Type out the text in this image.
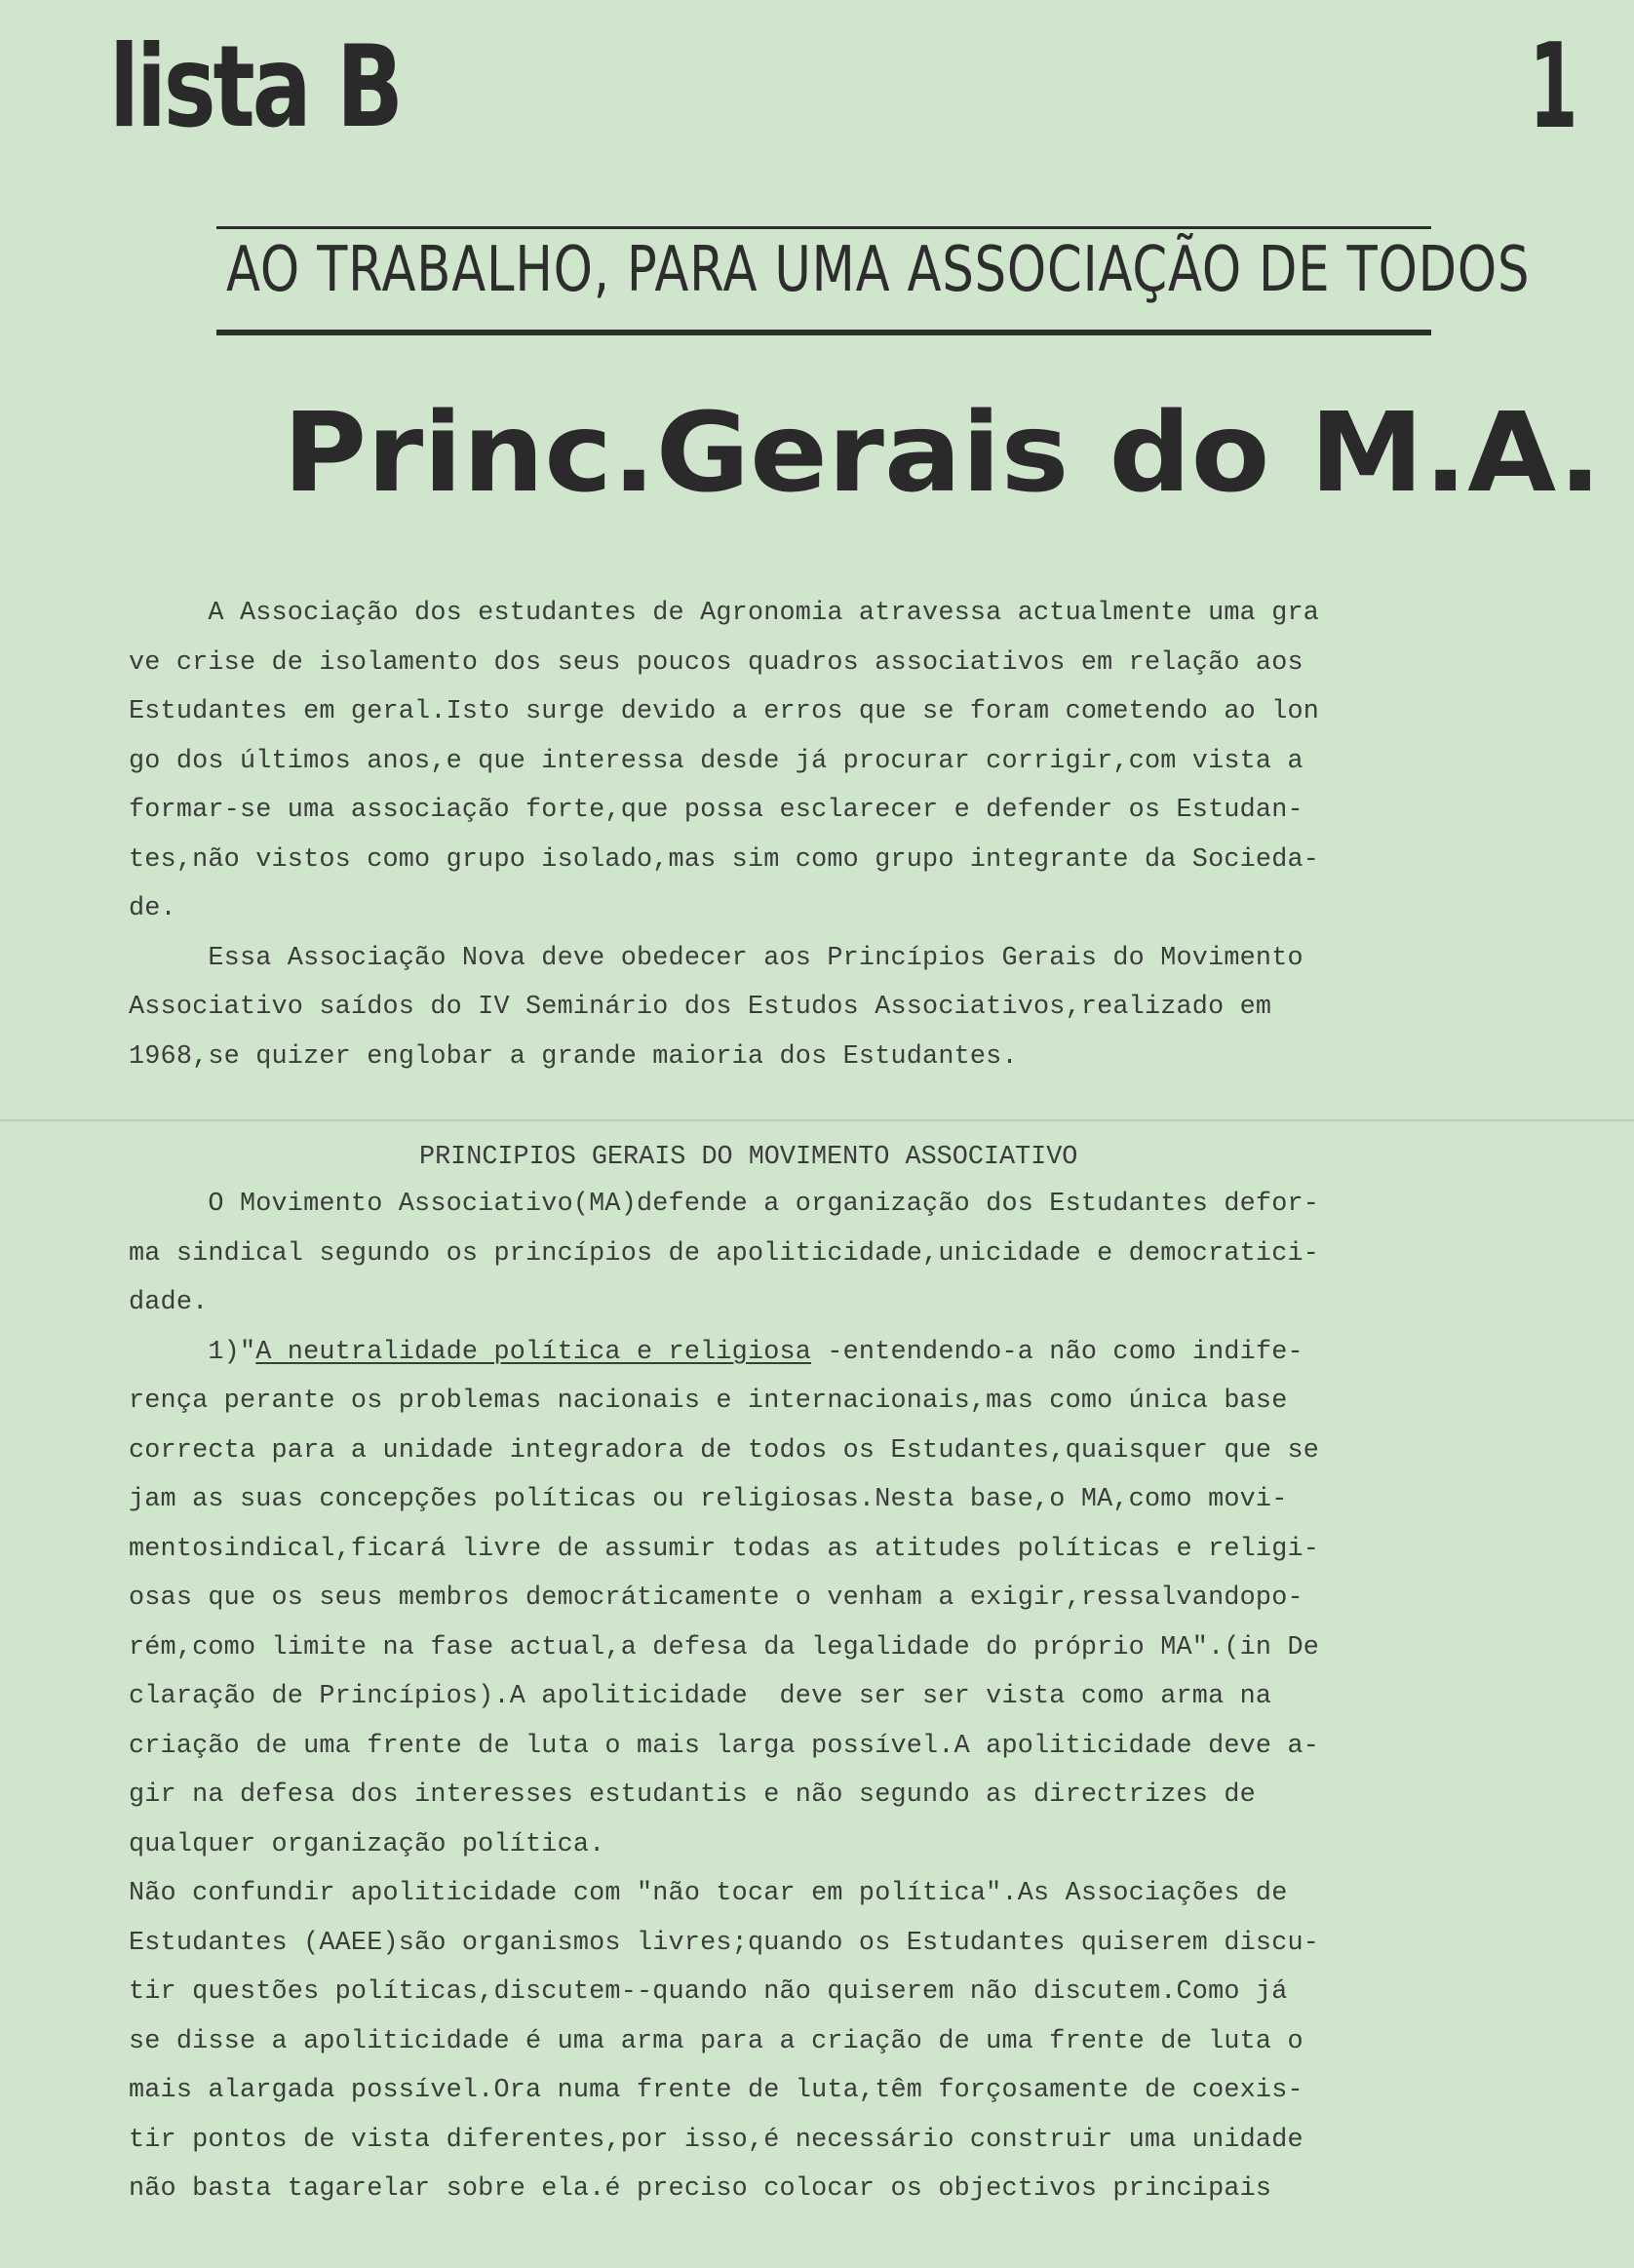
lista B	1
AO TRABALHO, PARA UMA ASSOCIAÇÃO DE TODOS
Princ.Gerais do M.A.
A Associação dos estudantes de Agronomia atravessa actualmente uma gra
ve crise de isolamento dos seus poucos quadros associativos em relação aos
Estudantes em geral.Isto surge devido a erros que se foram cometendo ao lon
go dos últimos anos,e que interessa desde já procurar corrigir,com vista a
formar-se uma associação forte,que possa esclarecer e defender os Estudan-
tes,não vistos como grupo isolado,mas sim como grupo integrante da Socieda-
de.
Essa Associação Nova deve obedecer aos Princípios Gerais do Movimento
Associativo saídos do IV Seminário dos Estudos Associativos,realizado em
1968,se quizer englobar a grande maioria dos Estudantes.
PRINCIPIOS GERAIS DO MOVIMENTO ASSOCIATIVO
O Movimento Associativo(MA)defende a organização dos Estudantes defor-
ma sindical segundo os princípios de apoliticidade,unicidade e democratici-
dade.
1)"A neutralidade política e religiosa -entendendo-a não como indife-
rença perante os problemas nacionais e internacionais,mas como única base
correcta para a unidade integradora de todos os Estudantes,quaisquer que se
jam as suas concepções políticas ou religiosas.Nesta base,o MA,como movi-
mentosindical,ficará livre de assumir todas as atitudes políticas e religi-
osas que os seus membros democráticamente o venham a exigir,ressalvandopo-
rém,como limite na fase actual,a defesa da legalidade do próprio MA".(in De
claração de Princípios).A apoliticidade  deve ser ser vista como arma na
criação de uma frente de luta o mais larga possível.A apoliticidade deve a-
gir na defesa dos interesses estudantis e não segundo as directrizes de
qualquer organização política.
Não confundir apoliticidade com "não tocar em política".As Associações de
Estudantes (AAEE)são organismos livres;quando os Estudantes quiserem discu-
tir questões políticas,discutem--quando não quiserem não discutem.Como já
se disse a apoliticidade é uma arma para a criação de uma frente de luta o
mais alargada possível.Ora numa frente de luta,têm forçosamente de coexis-
tir pontos de vista diferentes,por isso,é necessário construir uma unidade
não basta tagarelar sobre ela.é preciso colocar os objectivos principais
